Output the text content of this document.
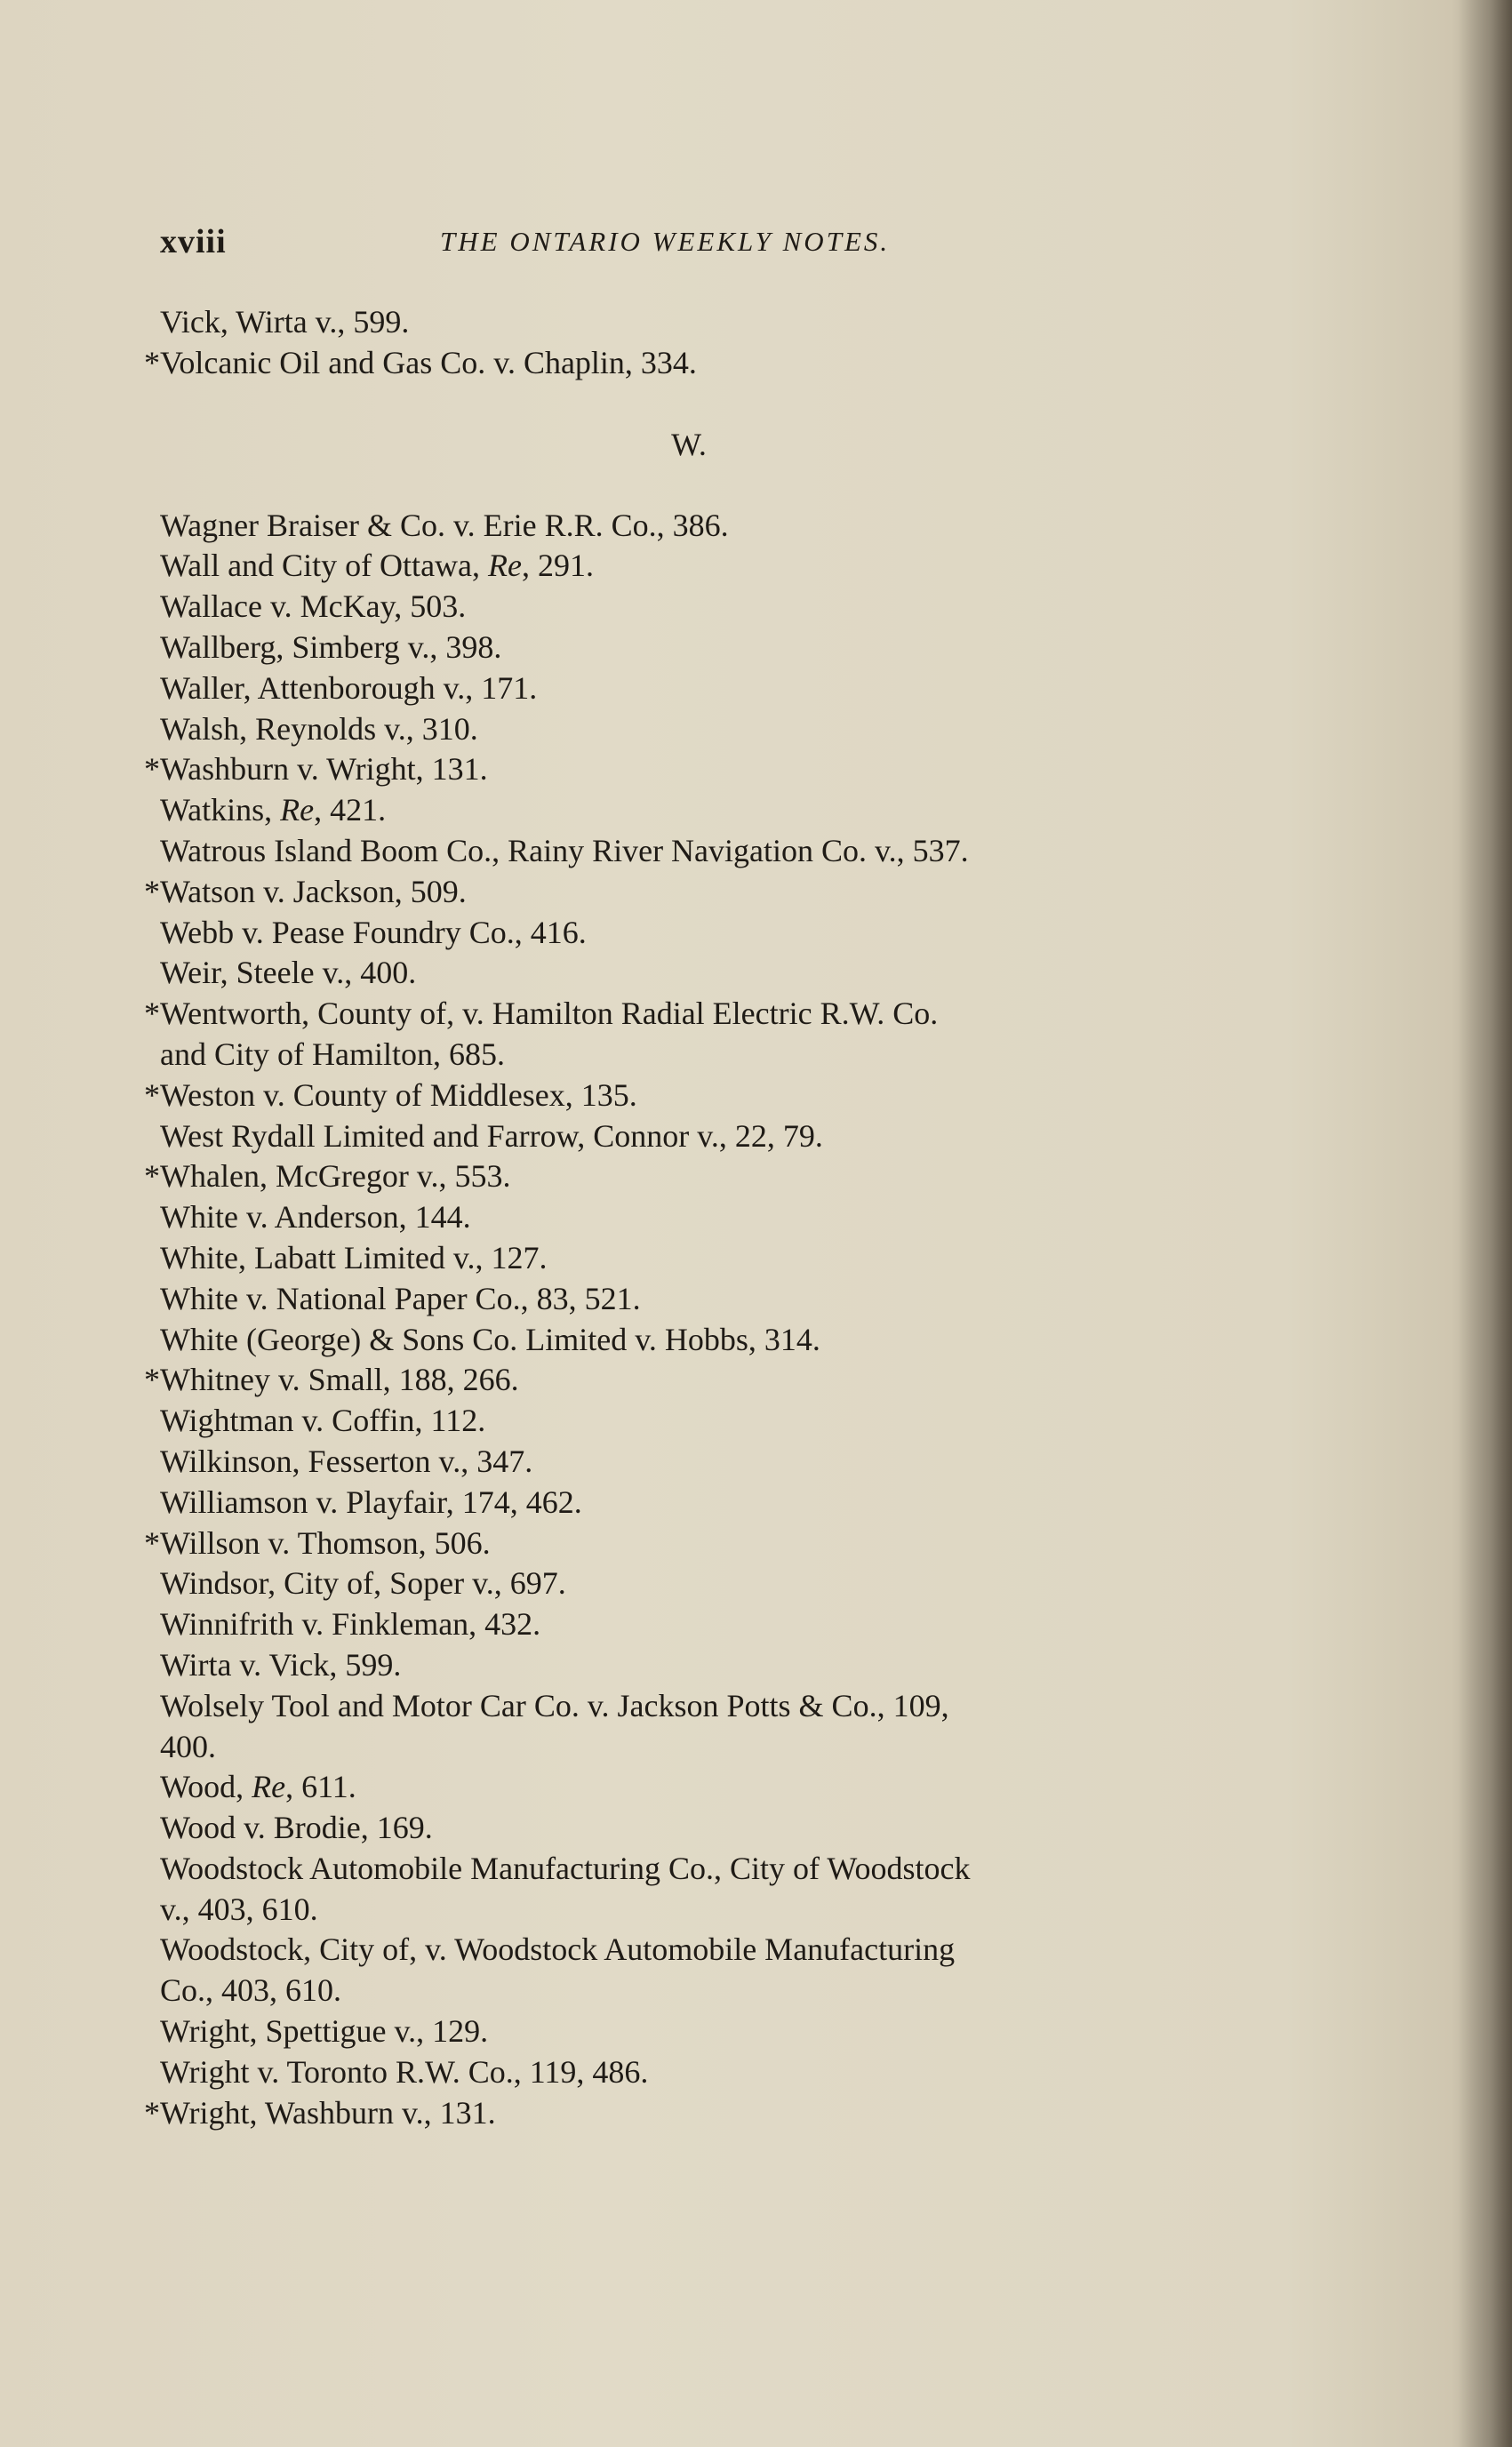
xviii	THE ONTARIO WEEKLY NOTES.
Vick, Wirta v., 599.
*Volcanic Oil and Gas Co. v. Chaplin, 334.
W.
Wagner Braiser & Co. v. Erie R.R. Co., 386.
Wall and City of Ottawa, Re, 291.
Wallace v. McKay, 503.
Wallberg, Simberg v., 398.
Waller, Attenborough v., 171.
Walsh, Reynolds v., 310.
*Washburn v. Wright, 131.
Watkins, Re, 421.
Watrous Island Boom Co., Rainy River Navigation Co. v., 537.
*Watson v. Jackson, 509.
Webb v. Pease Foundry Co., 416.
Weir, Steele v., 400.
*Wentworth, County of, v. Hamilton Radial Electric R.W. Co.
and City of Hamilton, 685.
*Weston v. County of Middlesex, 135.
West Rydall Limited and Farrow, Connor v., 22, 79.
*Whalen, McGregor v., 553.
White v. Anderson, 144.
White, Labatt Limited v., 127.
White v. National Paper Co., 83, 521.
White (George) & Sons Co. Limited v. Hobbs, 314.
*Whitney v. Small, 188, 266.
Wightman v. Coffin, 112.
Wilkinson, Fesserton v., 347.
Williamson v. Playfair, 174, 462.
*Willson v. Thomson, 506.
Windsor, City of, Soper v., 697.
Winnifrith v. Finkleman, 432.
Wirta v. Vick, 599.
Wolsely Tool and Motor Car Co. v. Jackson Potts & Co., 109,
400.
Wood, Re, 611.
Wood v. Brodie, 169.
Woodstock Automobile Manufacturing Co., City of Woodstock
v., 403, 610.
Woodstock, City of, v. Woodstock Automobile Manufacturing
Co., 403, 610.
Wright, Spettigue v., 129.
Wright v. Toronto R.W. Co., 119, 486.
*Wright, Washburn v., 131.
